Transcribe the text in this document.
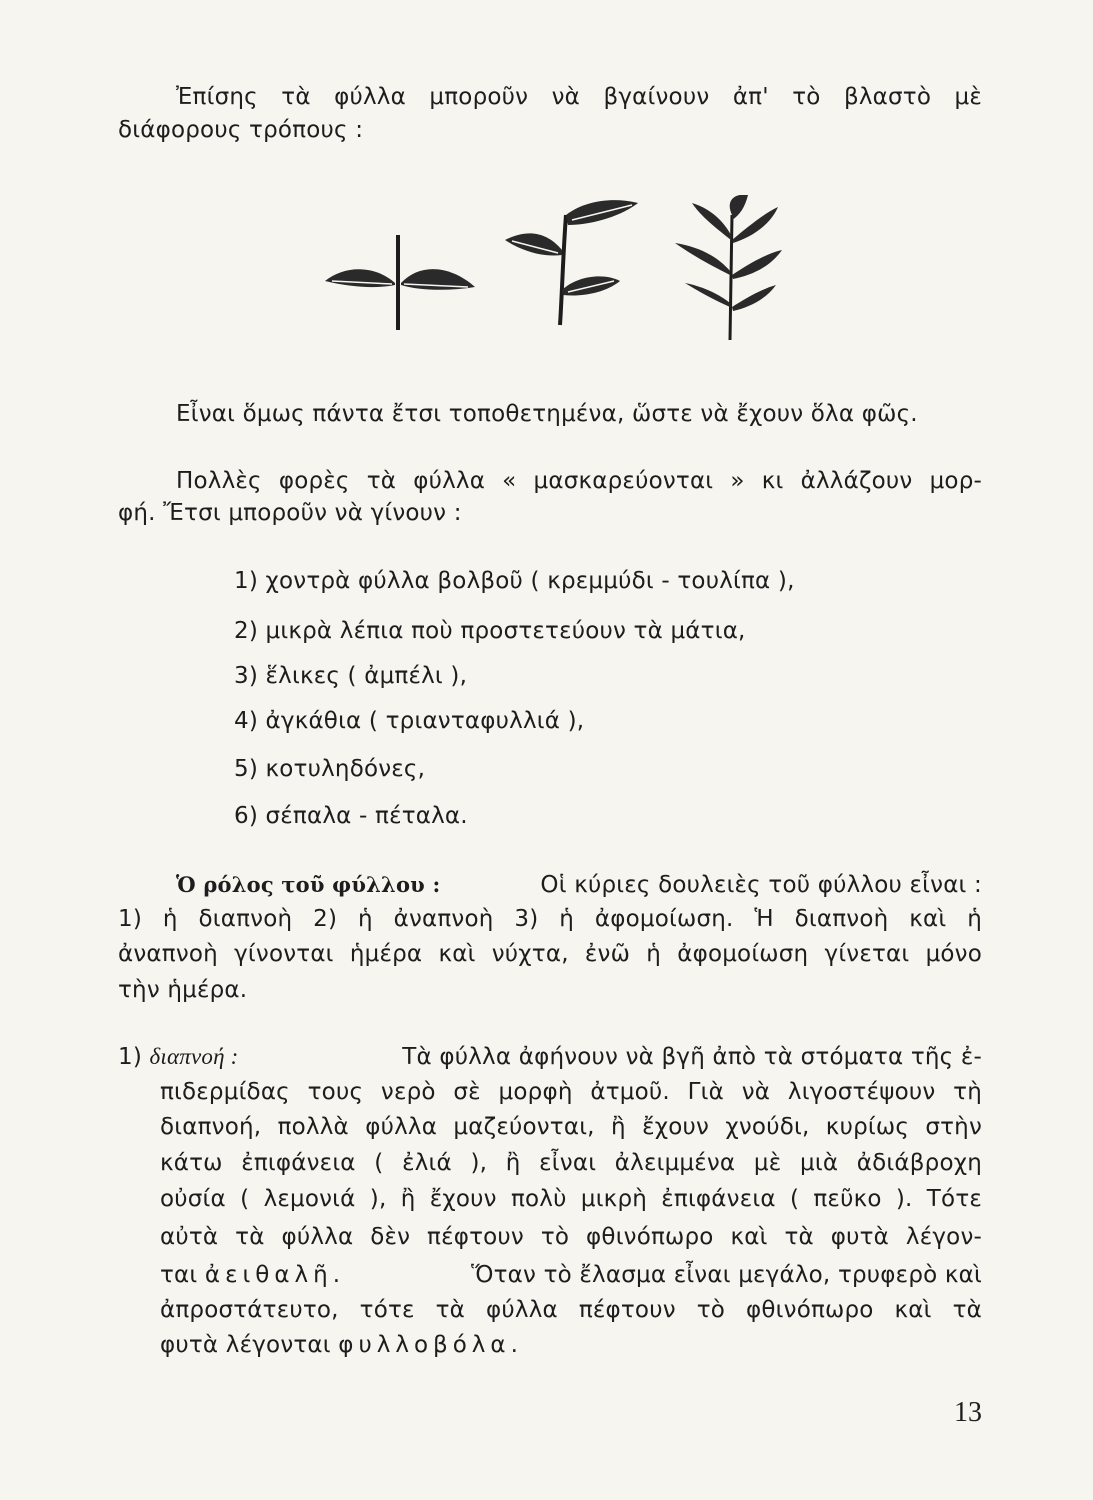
Ἐπίσης τὰ φύλλα μποροῦν νὰ βγαίνουν ἀπ' τὸ βλαστὸ μὲ
διάφορους τρόπους :
Εἶναι ὅμως πάντα ἔτσι τοποθετημένα, ὥστε νὰ ἔχουν ὅλα φῶς.
Πολλὲς φορὲς τὰ φύλλα « μασκαρεύονται » κι ἀλλάζουν μορ-
φή. Ἔτσι μποροῦν νὰ γίνουν :
1) χοντρὰ φύλλα βολβοῦ ( κρεμμύδι - τουλίπα ),
2) μικρὰ λέπια ποὺ προστετεύουν τὰ μάτια,
3) ἕλικες ( ἀμπέλι ),
4) ἀγκάθια ( τριανταφυλλιά ),
5) κοτυληδόνες,
6) σέπαλα - πέταλα.
Ὁ ρόλος τοῦ φύλλου :	Οἱ κύριες δουλειὲς τοῦ φύλλου εἶναι :
1) ἡ διαπνοὴ 2) ἡ ἀναπνοὴ 3) ἡ ἀφομοίωση. Ἡ διαπνοὴ καὶ ἡ
ἀναπνοὴ γίνονται ἡμέρα καὶ νύχτα, ἐνῶ ἡ ἀφομοίωση γίνεται μόνο
τὴν ἡμέρα.
1) διαπνοή :	Τὰ φύλλα ἀφήνουν νὰ βγῆ ἀπὸ τὰ στόματα τῆς ἐ-
πιδερμίδας τους νερὸ σὲ μορφὴ ἀτμοῦ. Γιὰ νὰ λιγοστέψουν τὴ
διαπνοή, πολλὰ φύλλα μαζεύονται, ἢ ἔχουν χνούδι, κυρίως στὴν
κάτω ἐπιφάνεια ( ἐλιά ), ἢ εἶναι ἀλειμμένα μὲ μιὰ ἀδιάβροχη
οὐσία ( λεμονιά ), ἢ ἔχουν πολὺ μικρὴ ἐπιφάνεια ( πεῦκο ). Τότε
αὐτὰ τὰ φύλλα δὲν πέφτουν τὸ φθινόπωρο καὶ τὰ φυτὰ λέγον-
ται ἀειθαλῆ.	Ὅταν τὸ ἔλασμα εἶναι μεγάλο, τρυφερὸ καὶ
ἀπροστάτευτο, τότε τὰ φύλλα πέφτουν τὸ φθινόπωρο καὶ τὰ
φυτὰ λέγονται φυλλοβόλα.
13
